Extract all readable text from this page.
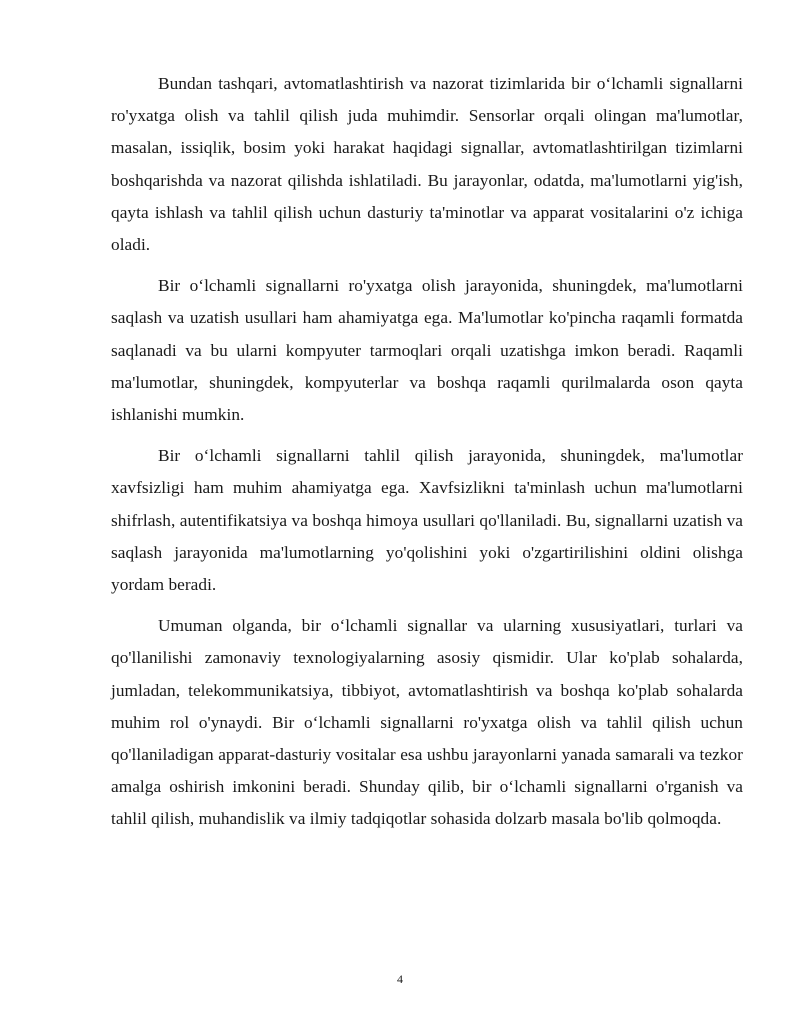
Bundan tashqari, avtomatlashtirish va nazorat tizimlarida bir o‘lchamli signallarni ro'yxatga olish va tahlil qilish juda muhimdir. Sensorlar orqali olingan ma'lumotlar, masalan, issiqlik, bosim yoki harakat haqidagi signallar, avtomatlashtirilgan tizimlarni boshqarishda va nazorat qilishda ishlatiladi. Bu jarayonlar, odatda, ma'lumotlarni yig'ish, qayta ishlash va tahlil qilish uchun dasturiy ta'minotlar va apparat vositalarini o'z ichiga oladi.

Bir o‘lchamli signallarni ro'yxatga olish jarayonida, shuningdek, ma'lumotlarni saqlash va uzatish usullari ham ahamiyatga ega. Ma'lumotlar ko'pincha raqamli formatda saqlanadi va bu ularni kompyuter tarmoqlari orqali uzatishga imkon beradi. Raqamli ma'lumotlar, shuningdek, kompyuterlar va boshqa raqamli qurilmalarda oson qayta ishlanishi mumkin.

Bir o‘lchamli signallarni tahlil qilish jarayonida, shuningdek, ma'lumotlar xavfsizligi ham muhim ahamiyatga ega. Xavfsizlikni ta'minlash uchun ma'lumotlarni shifrlash, autentifikatsiya va boshqa himoya usullari qo'llaniladi. Bu, signallarni uzatish va saqlash jarayonida ma'lumotlarning yo'qolishini yoki o'zgartirilishini oldini olishga yordam beradi.

Umuman olganda, bir o‘lchamli signallar va ularning xususiyatlari, turlari va qo'llanilishi zamonaviy texnologiyalarning asosiy qismidir. Ular ko'plab sohalarda, jumladan, telekommunikatsiya, tibbiyot, avtomatlashtirish va boshqa ko'plab sohalarda muhim rol o'ynaydi. Bir o‘lchamli signallarni ro'yxatga olish va tahlil qilish uchun qo'llaniladigan apparat-dasturiy vositalar esa ushbu jarayonlarni yanada samarali va tezkor amalga oshirish imkonini beradi. Shunday qilib, bir o‘lchamli signallarni o'rganish va tahlil qilish, muhandislik va ilmiy tadqiqotlar sohasida dolzarb masala bo'lib qolmoqda.

4
